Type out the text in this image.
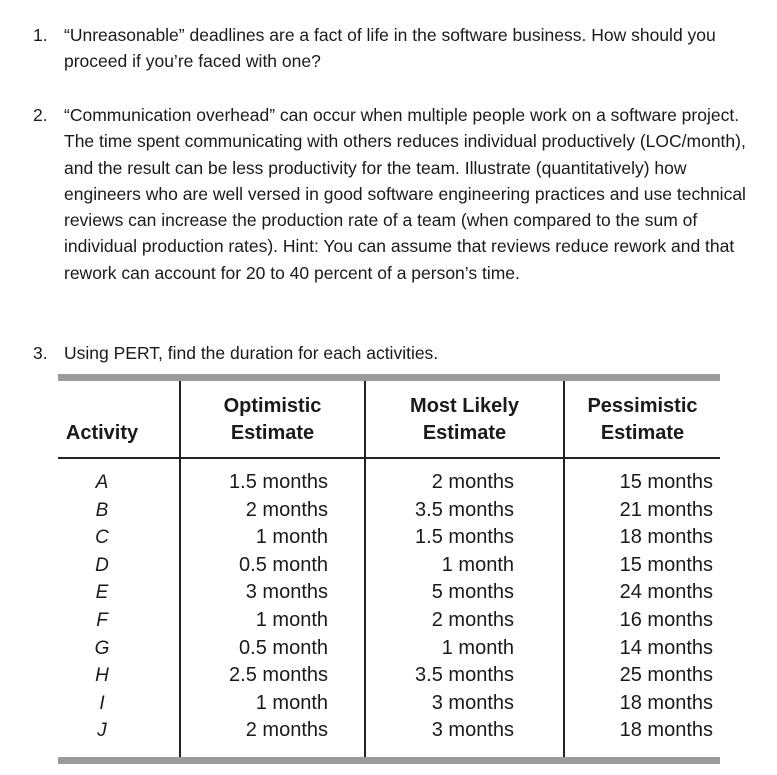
1. “Unreasonable” deadlines are a fact of life in the software business. How should you proceed if you’re faced with one?
2. “Communication overhead” can occur when multiple people work on a software project. The time spent communicating with others reduces individual productively (LOC/month), and the result can be less productivity for the team. Illustrate (quantitatively) how engineers who are well versed in good software engineering practices and use technical reviews can increase the production rate of a team (when compared to the sum of individual production rates). Hint: You can assume that reviews reduce rework and that rework can account for 20 to 40 percent of a person’s time.
3. Using PERT, find the duration for each activities.
Activity
Optimistic
Estimate
Most Likely
Estimate
Pessimistic
Estimate
A
B
C
D
E
F
G
H
I
J
1.5 months
2 months
1 month
0.5 month
3 months
1 month
0.5 month
2.5 months
1 month
2 months
2 months
3.5 months
1.5 months
1 month
5 months
2 months
1 month
3.5 months
3 months
3 months
15 months
21 months
18 months
15 months
24 months
16 months
14 months
25 months
18 months
18 months
